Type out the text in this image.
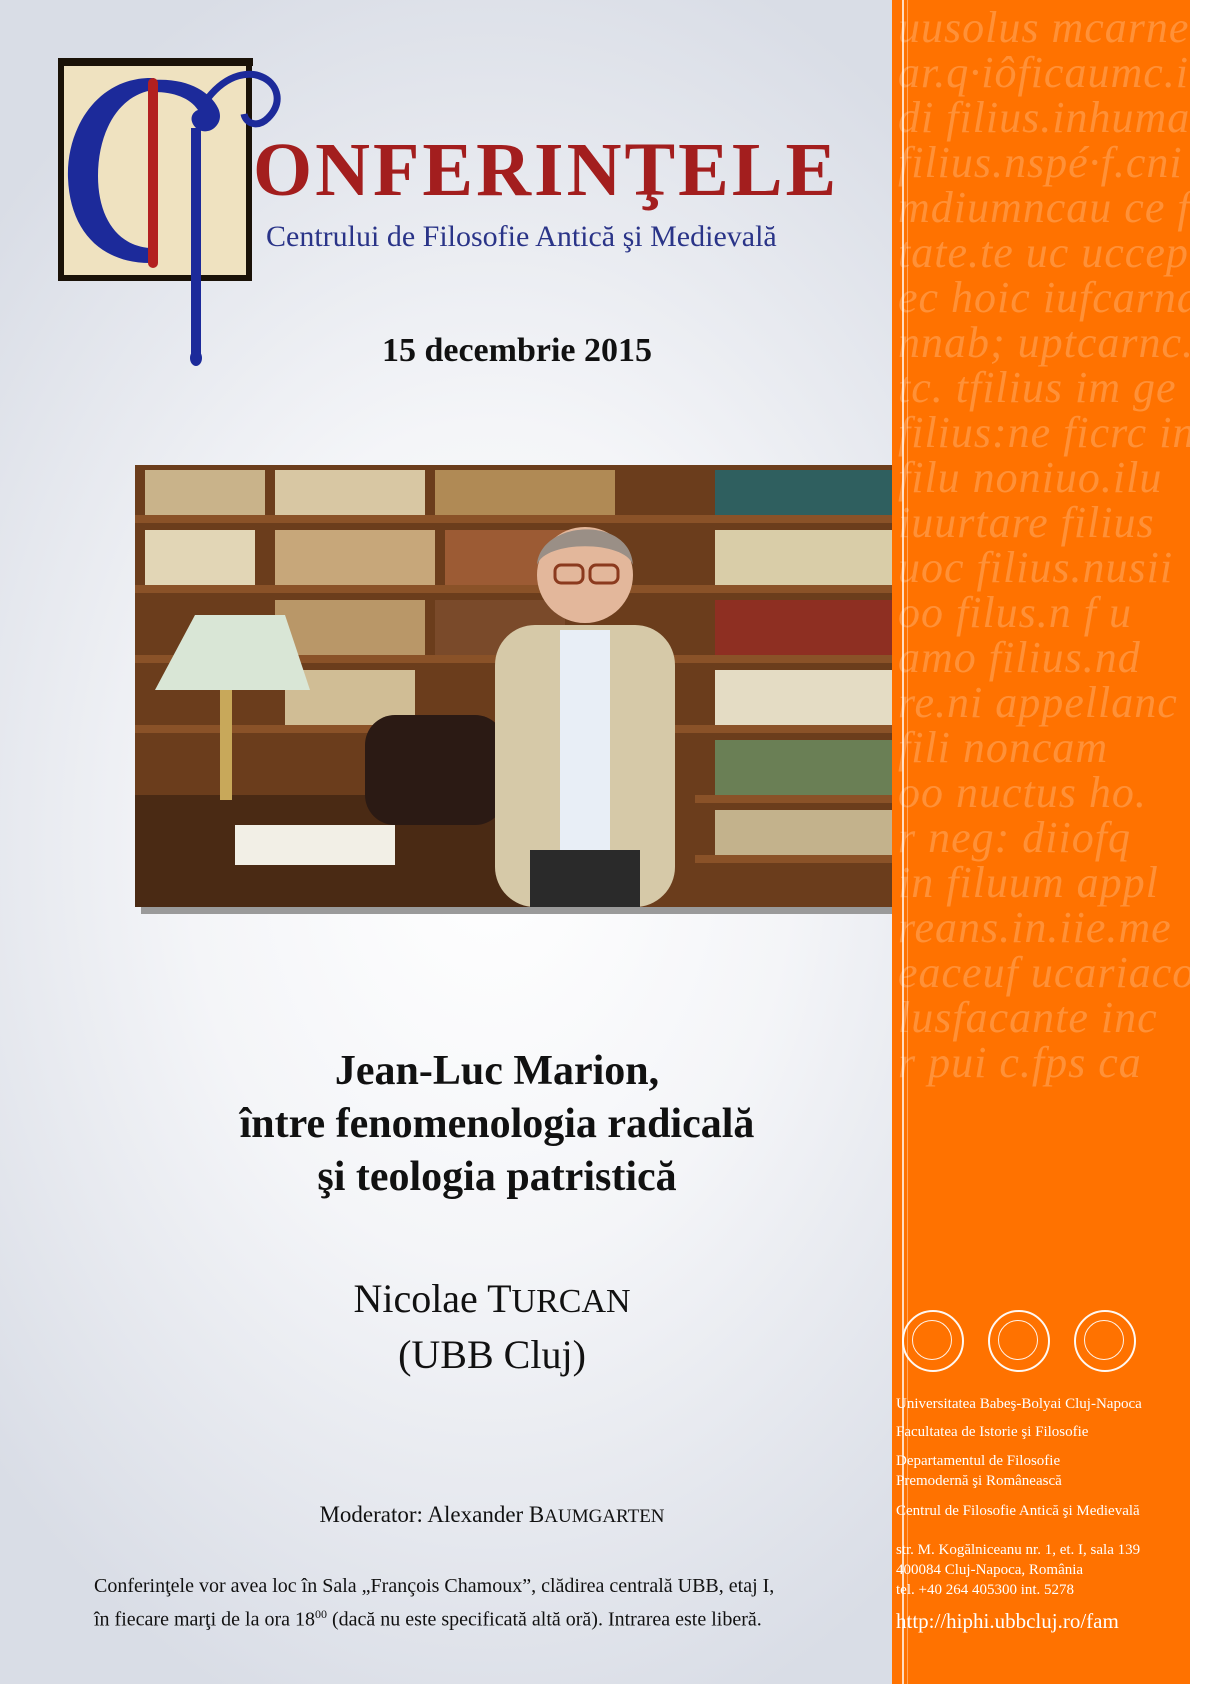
ONFERINŢELE
Centrului de Filosofie Antică şi Medievală
15 decembrie 2015
Jean-Luc Marion,
între fenomenologia radicală
şi teologia patristică
Nicolae TURCAN
(UBB Cluj)
Moderator: Alexander BAUMGARTEN
Conferinţele vor avea loc în Sala „François Chamoux”, clădirea centrală UBB, etaj I,
în fiecare marţi de la ora $18^{00}$ (dacă nu este specificată altă oră). Intrarea este liberă.
uusolus mcarne
ar.q·iôficaumc.ii
di filius.inhumau
filius.nspé·f.cni
mdiumncau ce fi
tate.te uc uccep
ec hoic iufcarnat.
nnab; uptcarnc.
tc. tfilius im ge
filius:ne ficrc inl
filu noniuo.ilu
iuurtare filius
uoc filius.nusii
oo filus.n f u
amo filius.nd
re.ni appellanc
fili noncam
oo nuctus ho.
r neg: diiofq
in filuum appl
reans.in.iie.me
eaceuf ucariaco
lusfacante inc
r pui c.fps ca
Universitatea Babeş-Bolyai Cluj-Napoca
Facultatea de Istorie şi Filosofie
Departamentul de Filosofie
Premodernă şi Românească
Centrul de Filosofie Antică şi Medievală
str. M. Kogălniceanu nr. 1, et. I, sala 139
400084 Cluj-Napoca, România
tel. +40 264 405300 int. 5278
http://hiphi.ubbcluj.ro/fam
